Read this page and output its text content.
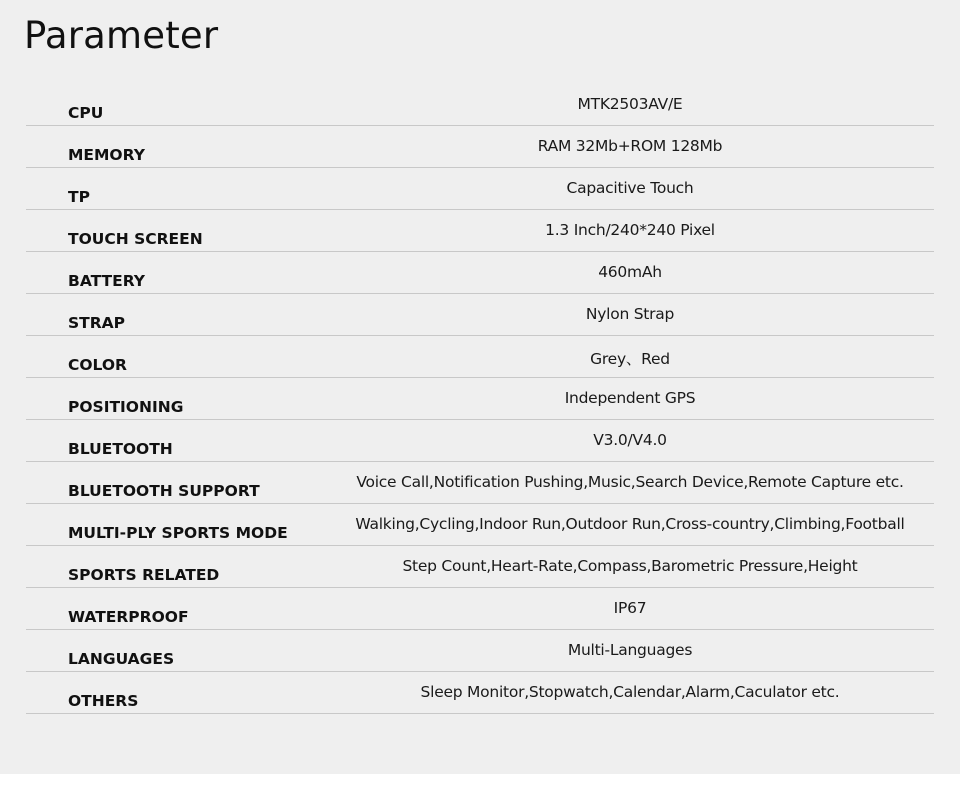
Parameter
CPU	MTK2503AV/E
MEMORY	RAM 32Mb+ROM 128Mb
TP	Capacitive Touch
TOUCH SCREEN	1.3 Inch/240*240 Pixel
BATTERY	460mAh
STRAP	Nylon Strap
COLOR	Grey、Red
POSITIONING	Independent GPS
BLUETOOTH	V3.0/V4.0
BLUETOOTH SUPPORT	Voice Call,Notification Pushing,Music,Search Device,Remote Capture etc.
MULTI-PLY SPORTS MODE	Walking,Cycling,Indoor Run,Outdoor Run,Cross-country,Climbing,Football
SPORTS RELATED	Step Count,Heart-Rate,Compass,Barometric Pressure,Height
WATERPROOF	IP67
LANGUAGES	Multi-Languages
OTHERS	Sleep Monitor,Stopwatch,Calendar,Alarm,Caculator etc.
